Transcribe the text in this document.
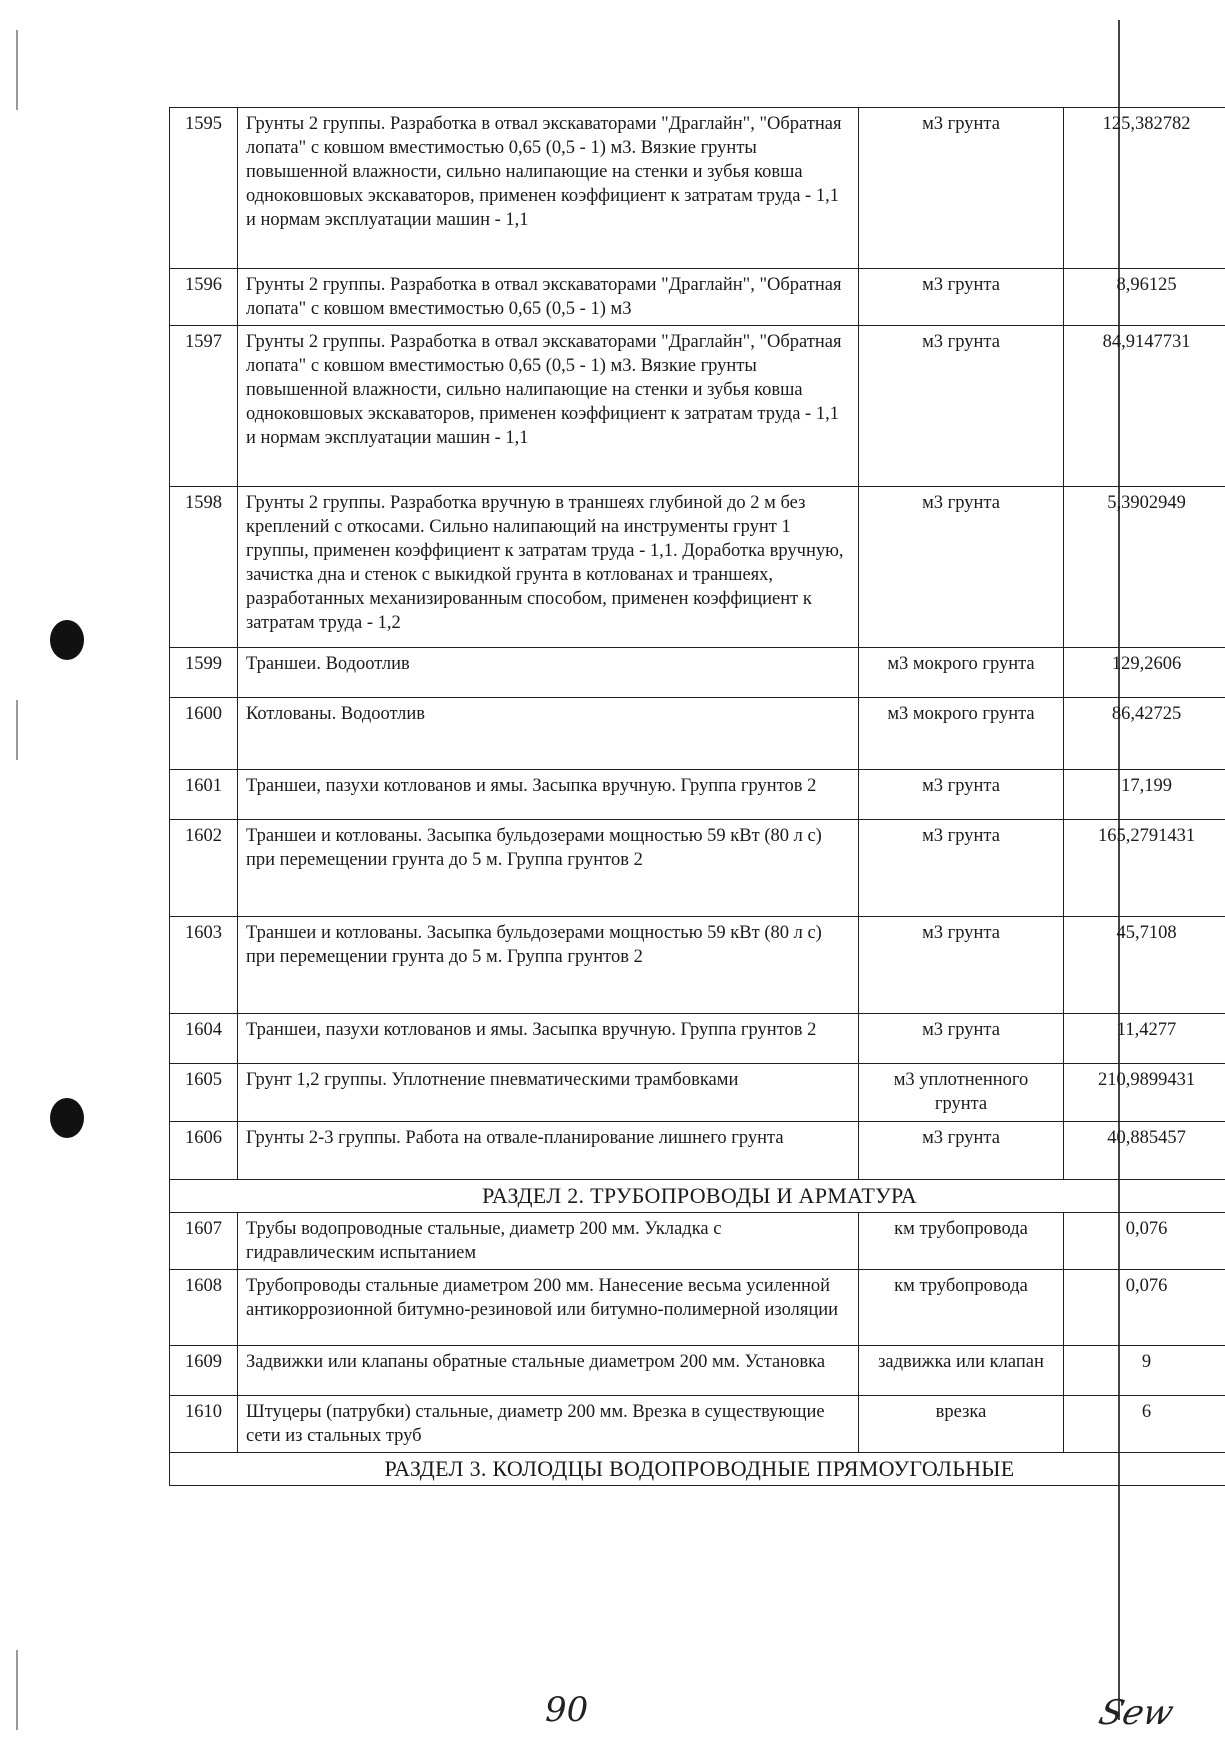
1595	Грунты 2 группы. Разработка в отвал экскаваторами "Драглайн", "Обратная лопата" с ковшом вместимостью 0,65 (0,5 - 1) м3. Вязкие грунты повышенной влажности, сильно налипающие на стенки и зубья ковша одноковшовых экскаваторов, применен коэффициент к затратам труда - 1,1 и нормам эксплуатации машин - 1,1	м3 грунта	125,382782
1596	Грунты 2 группы. Разработка в отвал экскаваторами "Драглайн", "Обратная лопата" с ковшом вместимостью 0,65 (0,5 - 1) м3	м3 грунта	8,96125
1597	Грунты 2 группы. Разработка в отвал экскаваторами "Драглайн", "Обратная лопата" с ковшом вместимостью 0,65 (0,5 - 1) м3. Вязкие грунты повышенной влажности, сильно налипающие на стенки и зубья ковша одноковшовых экскаваторов, применен коэффициент к затратам труда - 1,1 и нормам эксплуатации машин - 1,1	м3 грунта	84,9147731
1598	Грунты 2 группы. Разработка вручную в траншеях глубиной до 2 м без креплений с откосами. Сильно налипающий на инструменты грунт 1 группы, применен коэффициент к затратам труда - 1,1. Доработка вручную, зачистка дна и стенок с выкидкой грунта в котлованах и траншеях, разработанных механизированным способом, применен коэффициент к затратам труда - 1,2	м3 грунта	5,3902949
1599	Траншеи. Водоотлив	м3 мокрого грунта	129,2606
1600	Котлованы. Водоотлив	м3 мокрого грунта	86,42725
1601	Траншеи, пазухи котлованов и ямы. Засыпка вручную. Группа грунтов 2	м3 грунта	17,199
1602	Траншеи и котлованы. Засыпка бульдозерами мощностью 59 кВт (80 л с) при перемещении грунта до 5 м. Группа грунтов 2	м3 грунта	165,2791431
1603	Траншеи и котлованы. Засыпка бульдозерами мощностью 59 кВт (80 л с) при перемещении грунта до 5 м. Группа грунтов 2	м3 грунта	45,7108
1604	Траншеи, пазухи котлованов и ямы. Засыпка вручную. Группа грунтов 2	м3 грунта	11,4277
1605	Грунт 1,2 группы. Уплотнение пневматическими трамбовками	м3 уплотненного грунта	210,9899431
1606	Грунты 2-3 группы. Работа на отвале-планирование лишнего грунта	м3 грунта	40,885457
РАЗДЕЛ 2. ТРУБОПРОВОДЫ И АРМАТУРА			
1607	Трубы водопроводные стальные, диаметр 200 мм. Укладка с гидравлическим испытанием	км трубопровода	0,076
1608	Трубопроводы стальные диаметром 200 мм. Нанесение весьма усиленной антикоррозионной битумно-резиновой или битумно-полимерной изоляции	км трубопровода	0,076
1609	Задвижки или клапаны обратные стальные диаметром 200 мм. Установка	задвижка или клапан	9
1610	Штуцеры (патрубки) стальные, диаметр 200 мм. Врезка в существующие сети из стальных труб	врезка	6
РАЗДЕЛ 3. КОЛОДЦЫ ВОДОПРОВОДНЫЕ ПРЯМОУГОЛЬНЫЕ			
90	Sew
